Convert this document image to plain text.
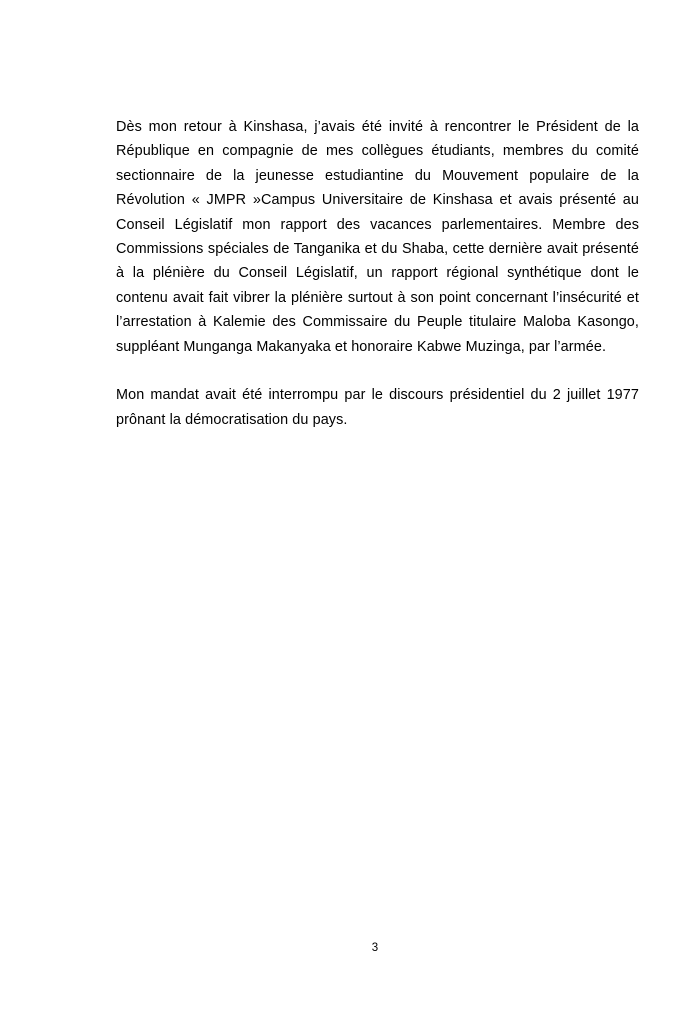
Dès mon retour à Kinshasa, j’avais été invité à rencontrer le Président de la République en compagnie de mes collègues étudiants, membres du comité sectionnaire de la jeunesse estudiantine du Mouvement populaire de la Révolution « JMPR »Campus Universitaire de Kinshasa et avais présenté au Conseil Législatif mon rapport des vacances parlementaires. Membre des Commissions spéciales de Tanganika et du Shaba, cette dernière avait présenté à la plénière du Conseil Législatif, un rapport régional synthétique dont le contenu avait fait vibrer la plénière surtout à son point concernant l’insécurité et l’arrestation à Kalemie des Commissaire du Peuple titulaire Maloba Kasongo, suppléant Munganga Makanyaka et honoraire Kabwe Muzinga, par l’armée.

Mon mandat avait été interrompu par le discours présidentiel du 2 juillet 1977 prônant la démocratisation du pays.

3
